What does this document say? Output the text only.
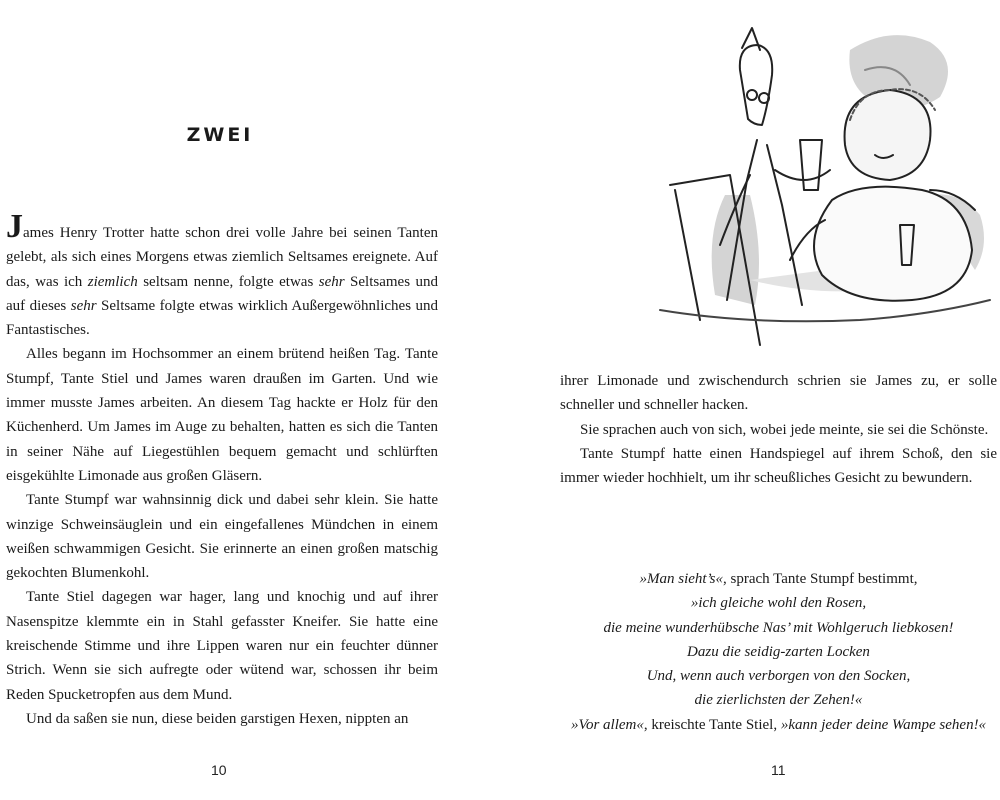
ZWEI

James Henry Trotter hatte schon drei volle Jahre bei seinen Tanten gelebt, als sich eines Morgens etwas ziemlich Seltsames ereignete. Auf das, was ich ziemlich seltsam nenne, folgte etwas sehr Seltsames und auf dieses sehr Seltsame folgte etwas wirklich Außergewöhnliches und Fantastisches.

Alles begann im Hochsommer an einem brütend heißen Tag. Tante Stumpf, Tante Stiel und James waren draußen im Garten. Und wie immer musste James arbeiten. An diesem Tag hackte er Holz für den Küchenherd. Um James im Auge zu behalten, hatten es sich die Tanten in seiner Nähe auf Liegestühlen bequem gemacht und schlürften eisgekühlte Limonade aus großen Gläsern.

Tante Stumpf war wahnsinnig dick und dabei sehr klein. Sie hatte winzige Schweinsäuglein und ein eingefallenes Mündchen in einem weißen schwammigen Gesicht. Sie erinnerte an einen großen matschig gekochten Blumenkohl.

Tante Stiel dagegen war hager, lang und knochig und auf ihrer Nasenspitze klemmte ein in Stahl gefasster Kneifer. Sie hatte eine kreischende Stimme und ihre Lippen waren nur ein feuchter dünner Strich. Wenn sie sich aufregte oder wütend war, schossen ihr beim Reden Spucketropfen aus dem Mund.

Und da saßen sie nun, diese beiden garstigen Hexen, nippten an

10

ihrer Limonade und zwischendurch schrien sie James zu, er solle schneller und schneller hacken.

Sie sprachen auch von sich, wobei jede meinte, sie sei die Schönste.

Tante Stumpf hatte einen Handspiegel auf ihrem Schoß, den sie immer wieder hochhielt, um ihr scheußliches Gesicht zu bewundern.

»Man sieht’s«, sprach Tante Stumpf bestimmt,
»ich gleiche wohl den Rosen,
die meine wunderhübsche Nas’ mit Wohlgeruch liebkosen!
Dazu die seidig-zarten Locken
Und, wenn auch verborgen von den Socken,
die zierlichsten der Zehen!«
»Vor allem«, kreischte Tante Stiel, »kann jeder deine Wampe sehen!«
11
